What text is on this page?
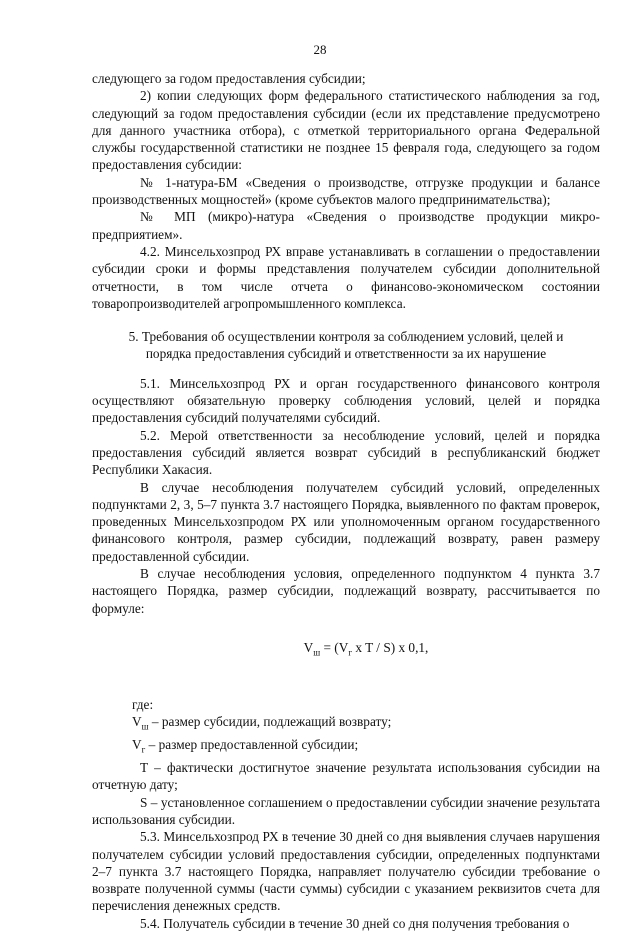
28

следующего за годом предоставления субсидии;

2) копии следующих форм федерального статистического наблюдения за год, следующий за годом предоставления субсидии (если их представление предусмотрено для данного участника отбора), с отметкой территориального органа Федеральной службы государственной статистики не позднее 15 февраля года, следующего за годом предоставления субсидии:

№ 1-натура-БМ «Сведения о производстве, отгрузке продукции и балансе производственных мощностей» (кроме субъектов малого предпринимательства);

№ МП (микро)-натура «Сведения о производстве продукции микро-предприятием».

4.2. Минсельхозпрод РХ вправе устанавливать в соглашении о предоставлении субсидии сроки и формы представления получателем субсидии дополнительной отчетности, в том числе отчета о финансово-экономическом состоянии товаропроизводителей агропромышленного комплекса.

5. Требования об осуществлении контроля за соблюдением условий, целей и
порядка предоставления субсидий и ответственности за их нарушение

5.1. Минсельхозпрод РХ и орган государственного финансового контроля осуществляют обязательную проверку соблюдения условий, целей и порядка предоставления субсидий получателями субсидий.

5.2. Мерой ответственности за несоблюдение условий, целей и порядка предоставления субсидий является возврат субсидий в республиканский бюджет Республики Хакасия.

В случае несоблюдения получателем субсидий условий, определенных подпунктами 2, 3, 5–7 пункта 3.7 настоящего Порядка, выявленного по фактам проверок, проведенных Минсельхозпродом РХ или уполномоченным органом государственного финансового контроля, размер субсидии, подлежащий возврату, равен размеру предоставленной субсидии.

В случае несоблюдения условия, определенного подпунктом 4 пункта 3.7 настоящего Порядка, размер субсидии, подлежащий возврату, рассчитывается по формуле:

$V_ш = (V_г$ x T / S) x 0,1,

где:

$V_ш$ – размер субсидии, подлежащий возврату;

$V_г$ – размер предоставленной субсидии;

T – фактически достигнутое значение результата использования субсидии на отчетную дату;

S – установленное соглашением о предоставлении субсидии значение результата использования субсидии.

5.3. Минсельхозпрод РХ в течение 30 дней со дня выявления случаев нарушения получателем субсидии условий предоставления субсидии, определенных подпунктами 2–7 пункта 3.7 настоящего Порядка, направляет получателю субсидии требование о возврате полученной суммы (части суммы) субсидии с указанием реквизитов счета для перечисления денежных средств.

5.4. Получатель субсидии в течение 30 дней со дня получения требования о
